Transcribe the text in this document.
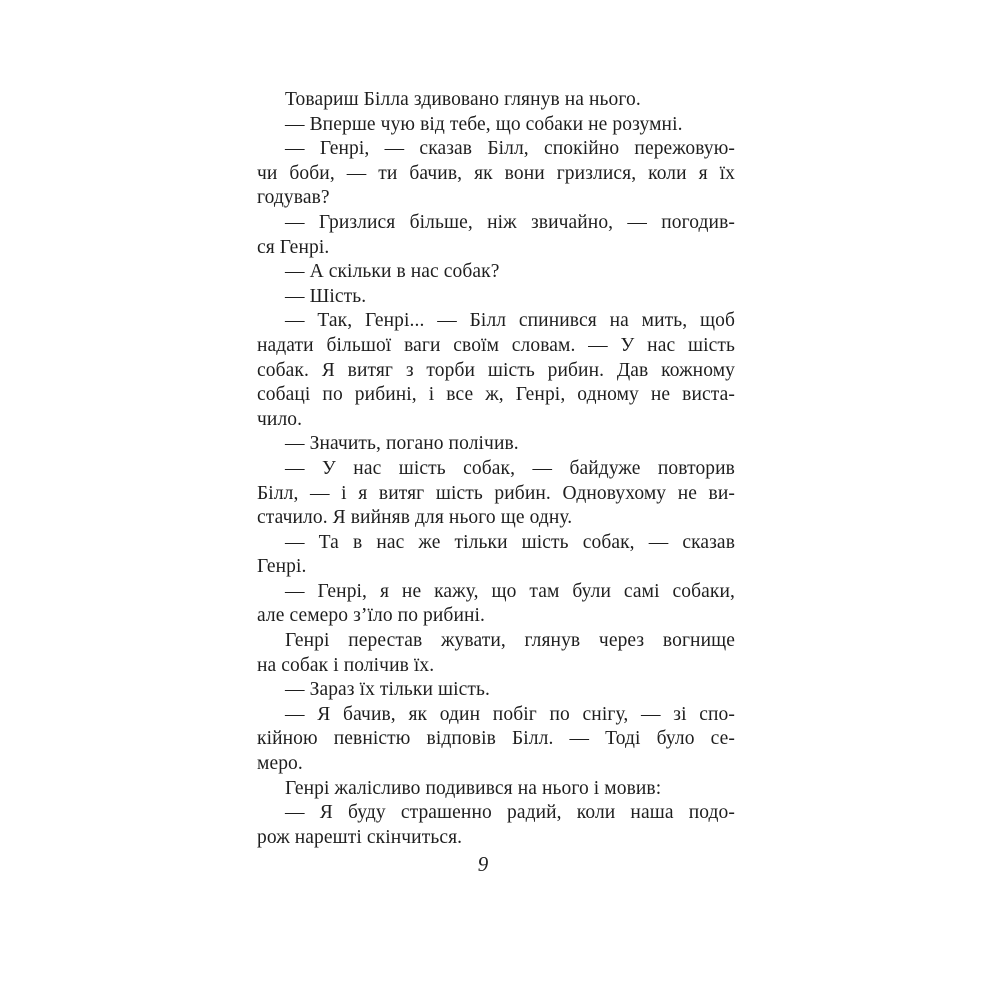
Товариш Білла здивовано глянув на нього.
— Вперше чую від тебе, що собаки не розумні.
— Генрі, — сказав Білл, спокійно пережовую-
чи боби, — ти бачив, як вони гризлися, коли я їх
годував?
— Гризлися більше, ніж звичайно, — погодив-
ся Генрі.
— А скільки в нас собак?
— Шість.
— Так, Генрі... — Білл спинився на мить, щоб
надати більшої ваги своїм словам. — У нас шість
собак. Я витяг з торби шість рибин. Дав кожному
собаці по рибині, і все ж, Генрі, одному не виста-
чило.
— Значить, погано полічив.
— У нас шість собак, — байдуже повторив
Білл, — і я витяг шість рибин. Одновухому не ви-
стачило. Я вийняв для нього ще одну.
— Та в нас же тільки шість собак, — сказав
Генрі.
— Генрі, я не кажу, що там були самі собаки,
але семеро з’їло по рибині.
Генрі перестав жувати, глянув через вогнище
на собак і полічив їх.
— Зараз їх тільки шість.
— Я бачив, як один побіг по снігу, — зі спо-
кійною певністю відповів Білл. — Тоді було се-
меро.
Генрі жалісливо подивився на нього і мовив:
— Я буду страшенно радий, коли наша подо-
рож нарешті скінчиться.
9
